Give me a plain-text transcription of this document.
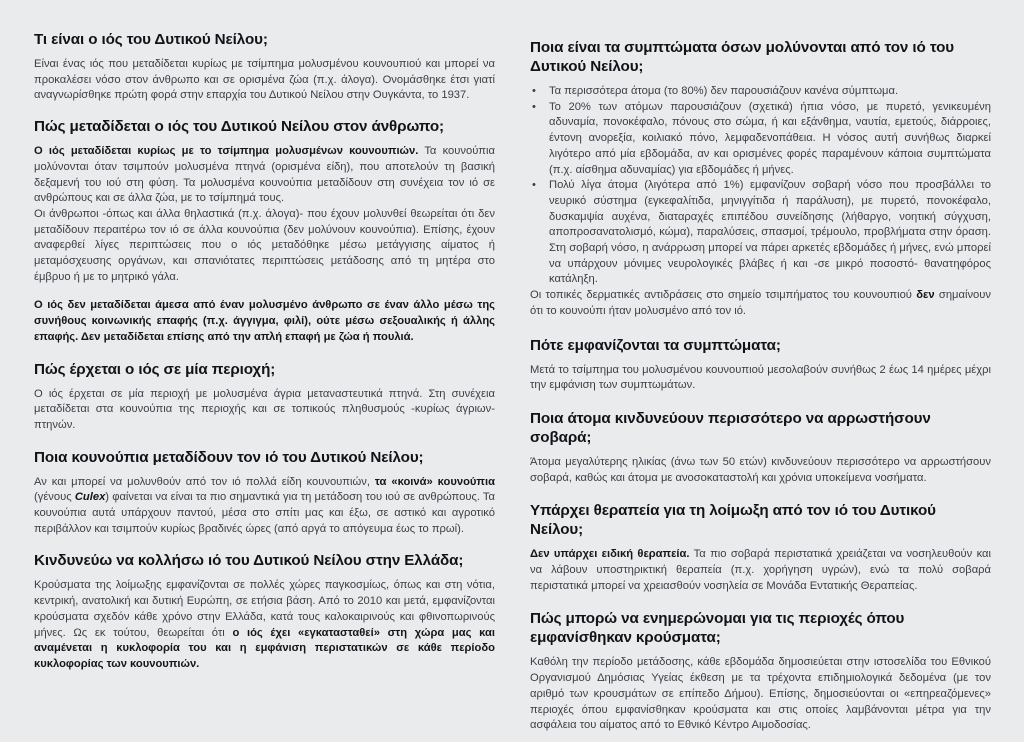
Τι είναι ο ιός του Δυτικού Νείλου;

Είναι ένας ιός που μεταδίδεται κυρίως με τσίμπημα μολυσμένου κουνουπιού και μπορεί να προκαλέσει νόσο στον άνθρωπο και σε ορισμένα ζώα (π.χ. άλογα). Ονομάσθηκε έτσι γιατί αναγνωρίσθηκε πρώτη φορά στην επαρχία του Δυτικού Νείλου στην Ουγκάντα, το 1937.

Πώς μεταδίδεται ο ιός του Δυτικού Νείλου στον άνθρωπο;

Ο ιός μεταδίδεται κυρίως με το τσίμπημα μολυσμένων κουνουπιών. Τα κουνούπια μολύνονται όταν τσιμπούν μολυσμένα πτηνά (ορισμένα είδη), που αποτελούν τη βασική δεξαμενή του ιού στη φύση. Τα μολυσμένα κουνούπια μεταδίδουν στη συνέχεια τον ιό σε ανθρώπους και σε άλλα ζώα, με το τσίμπημά τους.

Οι άνθρωποι -όπως και άλλα θηλαστικά (π.χ. άλογα)- που έχουν μολυνθεί θεωρείται ότι δεν μεταδίδουν περαιτέρω τον ιό σε άλλα κουνούπια (δεν μολύνουν κουνούπια). Επίσης, έχουν αναφερθεί λίγες περιπτώσεις που ο ιός μεταδόθηκε μέσω μετάγγισης αίματος ή μεταμόσχευσης οργάνων, και σπανιότατες περιπτώσεις μετάδοσης από τη μητέρα στο έμβρυο ή με το μητρικό γάλα.

Ο ιός δεν μεταδίδεται άμεσα από έναν μολυσμένο άνθρωπο σε έναν άλλο μέσω της συνήθους κοινωνικής επαφής (π.χ. άγγιγμα, φιλί), ούτε μέσω σεξουαλικής ή άλλης επαφής. Δεν μεταδίδεται επίσης από την απλή επαφή με ζώα ή πουλιά.

Πώς έρχεται ο ιός σε μία περιοχή;

Ο ιός έρχεται σε μία περιοχή με μολυσμένα άγρια μεταναστευτικά πτηνά. Στη συνέχεια μεταδίδεται στα κουνούπια της περιοχής και σε τοπικούς πληθυσμούς -κυρίως άγριων- πτηνών.

Ποια κουνούπια μεταδίδουν τον ιό του Δυτικού Νείλου;

Αν και μπορεί να μολυνθούν από τον ιό πολλά είδη κουνουπιών, τα «κοινά» κουνούπια (γένους Culex) φαίνεται να είναι τα πιο σημαντικά για τη μετάδοση του ιού σε ανθρώπους. Τα κουνούπια αυτά υπάρχουν παντού, μέσα στο σπίτι μας και έξω, σε αστικό και αγροτικό περιβάλλον και τσιμπούν κυρίως βραδινές ώρες (από αργά το απόγευμα έως το πρωί).

Κινδυνεύω να κολλήσω ιό του Δυτικού Νείλου στην Ελλάδα;

Κρούσματα της λοίμωξης εμφανίζονται σε πολλές χώρες παγκοσμίως, όπως και στη νότια, κεντρική, ανατολική και δυτική Ευρώπη, σε ετήσια βάση. Από το 2010 και μετά, εμφανίζονται κρούσματα σχεδόν κάθε χρόνο στην Ελλάδα, κατά τους καλοκαιρινούς και φθινοπωρινούς μήνες. Ως εκ τούτου, θεωρείται ότι ο ιός έχει «εγκατασταθεί» στη χώρα μας και αναμένεται η κυκλοφορία του και η εμφάνιση περιστατικών σε κάθε περίοδο κυκλοφορίας των κουνουπιών.

Ποια είναι τα συμπτώματα όσων μολύνονται από τον ιό του Δυτικού Νείλου;
• Τα περισσότερα άτομα (το 80%) δεν παρουσιάζουν κανένα σύμπτωμα.
• Το 20% των ατόμων παρουσιάζουν (σχετικά) ήπια νόσο, με πυρετό, γενικευμένη αδυναμία, πονοκέφαλο, πόνους στο σώμα, ή και εξάνθημα, ναυτία, εμετούς, διάρροιες, έντονη ανορεξία, κοιλιακό πόνο, λεμφαδενοπάθεια. Η νόσος αυτή συνήθως διαρκεί λιγότερο από μία εβδομάδα, αν και ορισμένες φορές παραμένουν κάποια συμπτώματα (π.χ. αίσθημα αδυναμίας) για εβδομάδες ή μήνες.
• Πολύ λίγα άτομα (λιγότερα από 1%) εμφανίζουν σοβαρή νόσο που προσβάλλει το νευρικό σύστημα (εγκεφαλίτιδα, μηνιγγίτιδα ή παράλυση), με πυρετό, πονοκέφαλο, δυσκαμψία αυχένα, διαταραχές επιπέδου συνείδησης (λήθαργο, νοητική σύγχυση, αποπροσανατολισμό, κώμα), παραλύσεις, σπασμοί, τρέμουλο, προβλήματα στην όραση. Στη σοβαρή νόσο, η ανάρρωση μπορεί να πάρει αρκετές εβδομάδες ή μήνες, ενώ μπορεί να υπάρχουν μόνιμες νευρολογικές βλάβες ή και -σε μικρό ποσοστό- θανατηφόρος κατάληξη.

Οι τοπικές δερματικές αντιδράσεις στο σημείο τσιμπήματος του κουνουπιού δεν σημαίνουν ότι το κουνούπι ήταν μολυσμένο από τον ιό.

Πότε εμφανίζονται τα συμπτώματα;

Μετά το τσίμπημα του μολυσμένου κουνουπιού μεσολαβούν συνήθως 2 έως 14 ημέρες μέχρι την εμφάνιση των συμπτωμάτων.

Ποια άτομα κινδυνεύουν περισσότερο να αρρωστήσουν σοβαρά;

Άτομα μεγαλύτερης ηλικίας (άνω των 50 ετών) κινδυνεύουν περισσότερο να αρρωστήσουν σοβαρά, καθώς και άτομα με ανοσοκαταστολή και χρόνια υποκείμενα νοσήματα.

Υπάρχει θεραπεία για τη λοίμωξη από τον ιό του Δυτικού Νείλου;

Δεν υπάρχει ειδική θεραπεία. Τα πιο σοβαρά περιστατικά χρειάζεται να νοσηλευθούν και να λάβουν υποστηρικτική θεραπεία (π.χ. χορήγηση υγρών), ενώ τα πολύ σοβαρά περιστατικά μπορεί να χρειασθούν νοσηλεία σε Μονάδα Εντατικής Θεραπείας.

Πώς μπορώ να ενημερώνομαι για τις περιοχές όπου εμφανίσθηκαν κρούσματα;

Καθόλη την περίοδο μετάδοσης, κάθε εβδομάδα δημοσιεύεται στην ιστοσελίδα του Εθνικού Οργανισμού Δημόσιας Υγείας έκθεση με τα τρέχοντα επιδημιολογικά δεδομένα (με τον αριθμό των κρουσμάτων σε επίπεδο Δήμου). Επίσης, δημοσιεύονται οι «επηρεαζόμενες» περιοχές όπου εμφανίσθηκαν κρούσματα και στις οποίες λαμβάνονται μέτρα για την ασφάλεια του αίματος από το Εθνικό Κέντρο Αιμοδοσίας.
